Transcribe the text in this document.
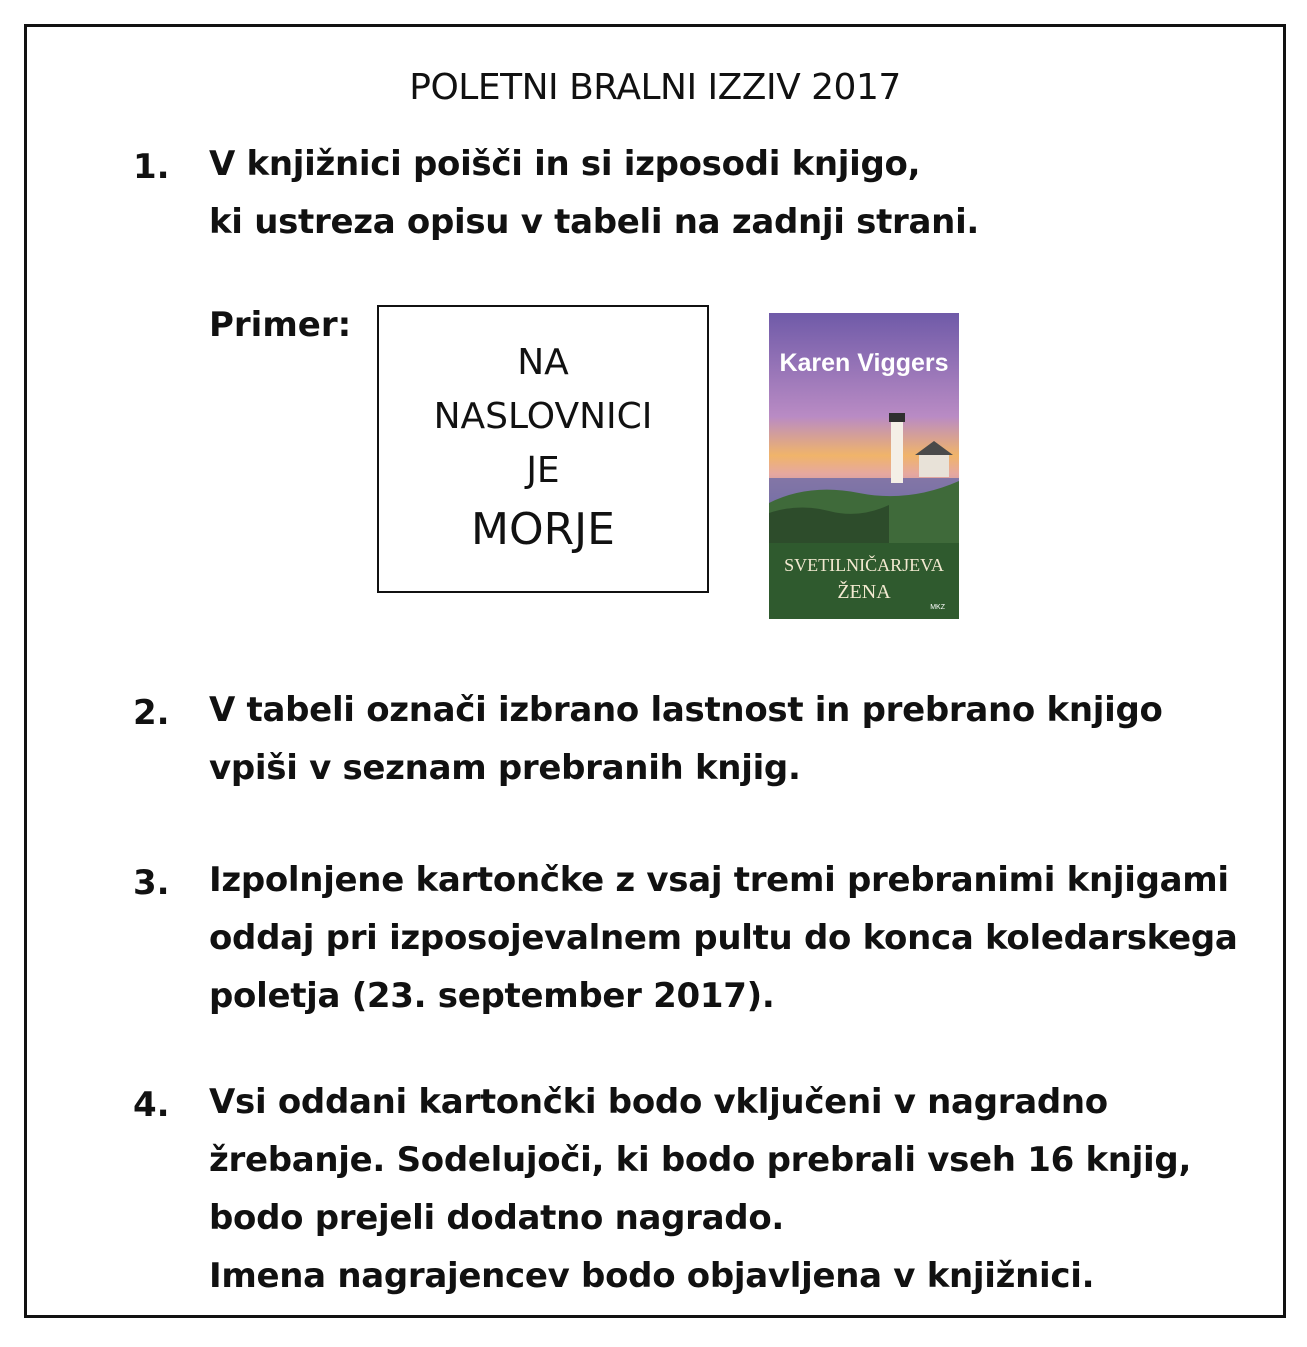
POLETNI BRALNI IZZIV 2017
1. V knjižnici poišči in si izposodi knjigo,
ki ustreza opisu v tabeli na zadnji strani.
Primer:
NA
NASLOVNICI
JE
MORJE
Karen Viggers
SVETILNIČARJEVA
ŽENA
MKZ
2. V tabeli označi izbrano lastnost in prebrano knjigo
vpiši v seznam prebranih knjig.
3. Izpolnjene kartončke z vsaj tremi prebranimi knjigami
oddaj pri izposojevalnem pultu do konca koledarskega
poletja (23. september 2017).
4. Vsi oddani kartončki bodo vključeni v nagradno
žrebanje. Sodelujoči, ki bodo prebrali vseh 16 knjig,
bodo prejeli dodatno nagrado.
Imena nagrajencev bodo objavljena v knjižnici.
